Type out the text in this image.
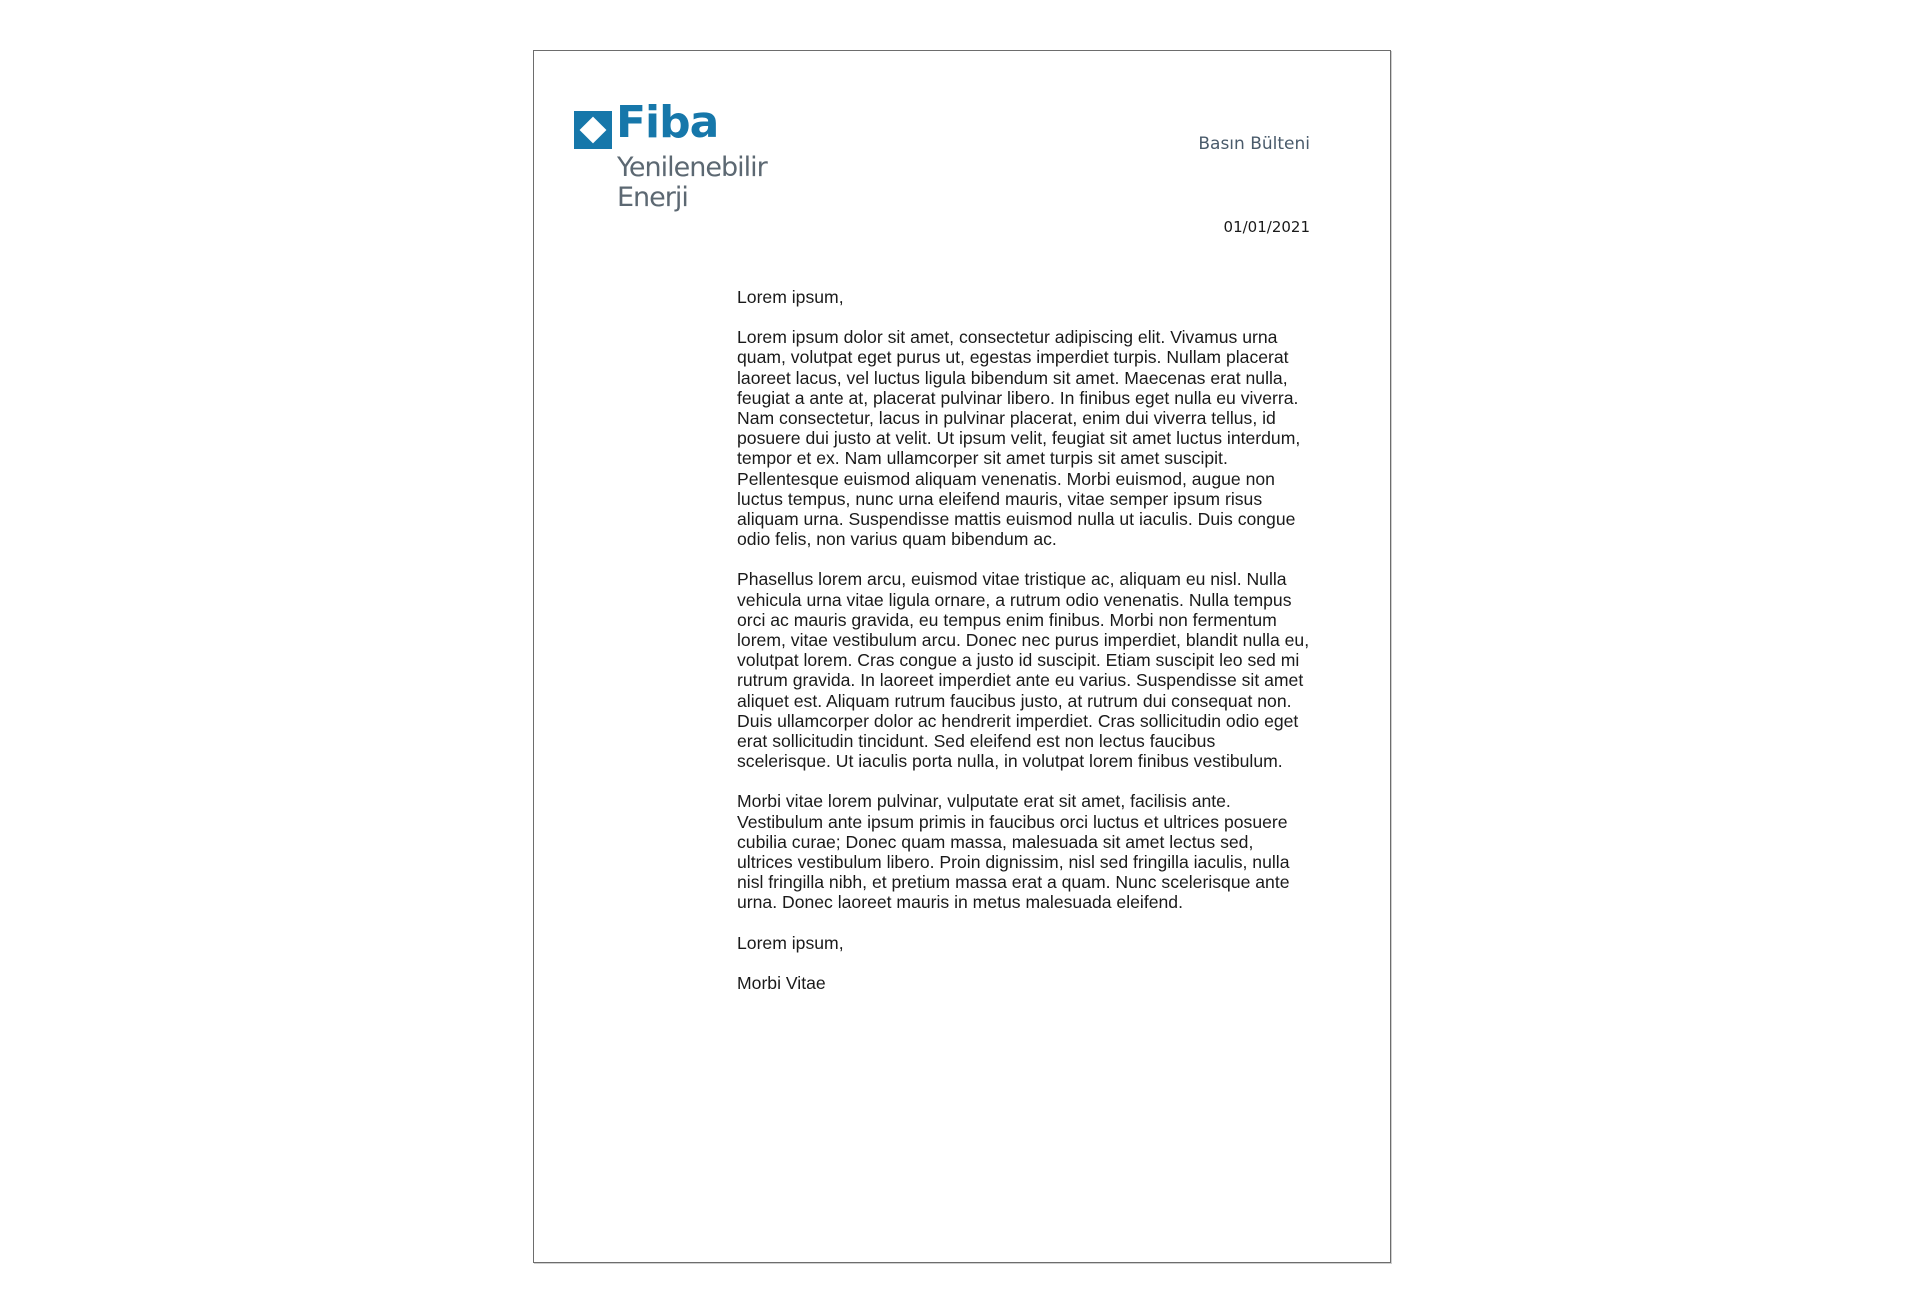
Fiba
Yenilenebilir
Enerji
Basın Bülteni
01/01/2021

Lorem ipsum,

Lorem ipsum dolor sit amet, consectetur adipiscing elit. Vivamus urna quam, volutpat eget purus ut, egestas imperdiet turpis. Nullam placerat laoreet lacus, vel luctus ligula bibendum sit amet. Maecenas erat nulla, feugiat a ante at, placerat pulvinar libero. In finibus eget nulla eu viverra. Nam consectetur, lacus in pulvinar placerat, enim dui viverra tellus, id posuere dui justo at velit. Ut ipsum velit, feugiat sit amet luctus interdum, tempor et ex. Nam ullamcorper sit amet turpis sit amet suscipit. Pellentesque euismod aliquam venenatis. Morbi euismod, augue non luctus tempus, nunc urna eleifend mauris, vitae semper ipsum risus aliquam urna. Suspendisse mattis euismod nulla ut iaculis. Duis congue odio felis, non varius quam bibendum ac.

Phasellus lorem arcu, euismod vitae tristique ac, aliquam eu nisl. Nulla vehicula urna vitae ligula ornare, a rutrum odio venenatis. Nulla tempus orci ac mauris gravida, eu tempus enim finibus. Morbi non fermentum lorem, vitae vestibulum arcu. Donec nec purus imperdiet, blandit nulla eu, volutpat lorem. Cras congue a justo id suscipit. Etiam suscipit leo sed mi rutrum gravida. In laoreet imperdiet ante eu varius. Suspendisse sit amet aliquet est. Aliquam rutrum faucibus justo, at rutrum dui consequat non. Duis ullamcorper dolor ac hendrerit imperdiet. Cras sollicitudin odio eget erat sollicitudin tincidunt. Sed eleifend est non lectus faucibus scelerisque. Ut iaculis porta nulla, in volutpat lorem finibus vestibulum.

Morbi vitae lorem pulvinar, vulputate erat sit amet, facilisis ante. Vestibulum ante ipsum primis in faucibus orci luctus et ultrices posuere cubilia curae; Donec quam massa, malesuada sit amet lectus sed, ultrices vestibulum libero. Proin dignissim, nisl sed fringilla iaculis, nulla nisl fringilla nibh, et pretium massa erat a quam. Nunc scelerisque ante urna. Donec laoreet mauris in metus malesuada eleifend.

Lorem ipsum,

Morbi Vitae
